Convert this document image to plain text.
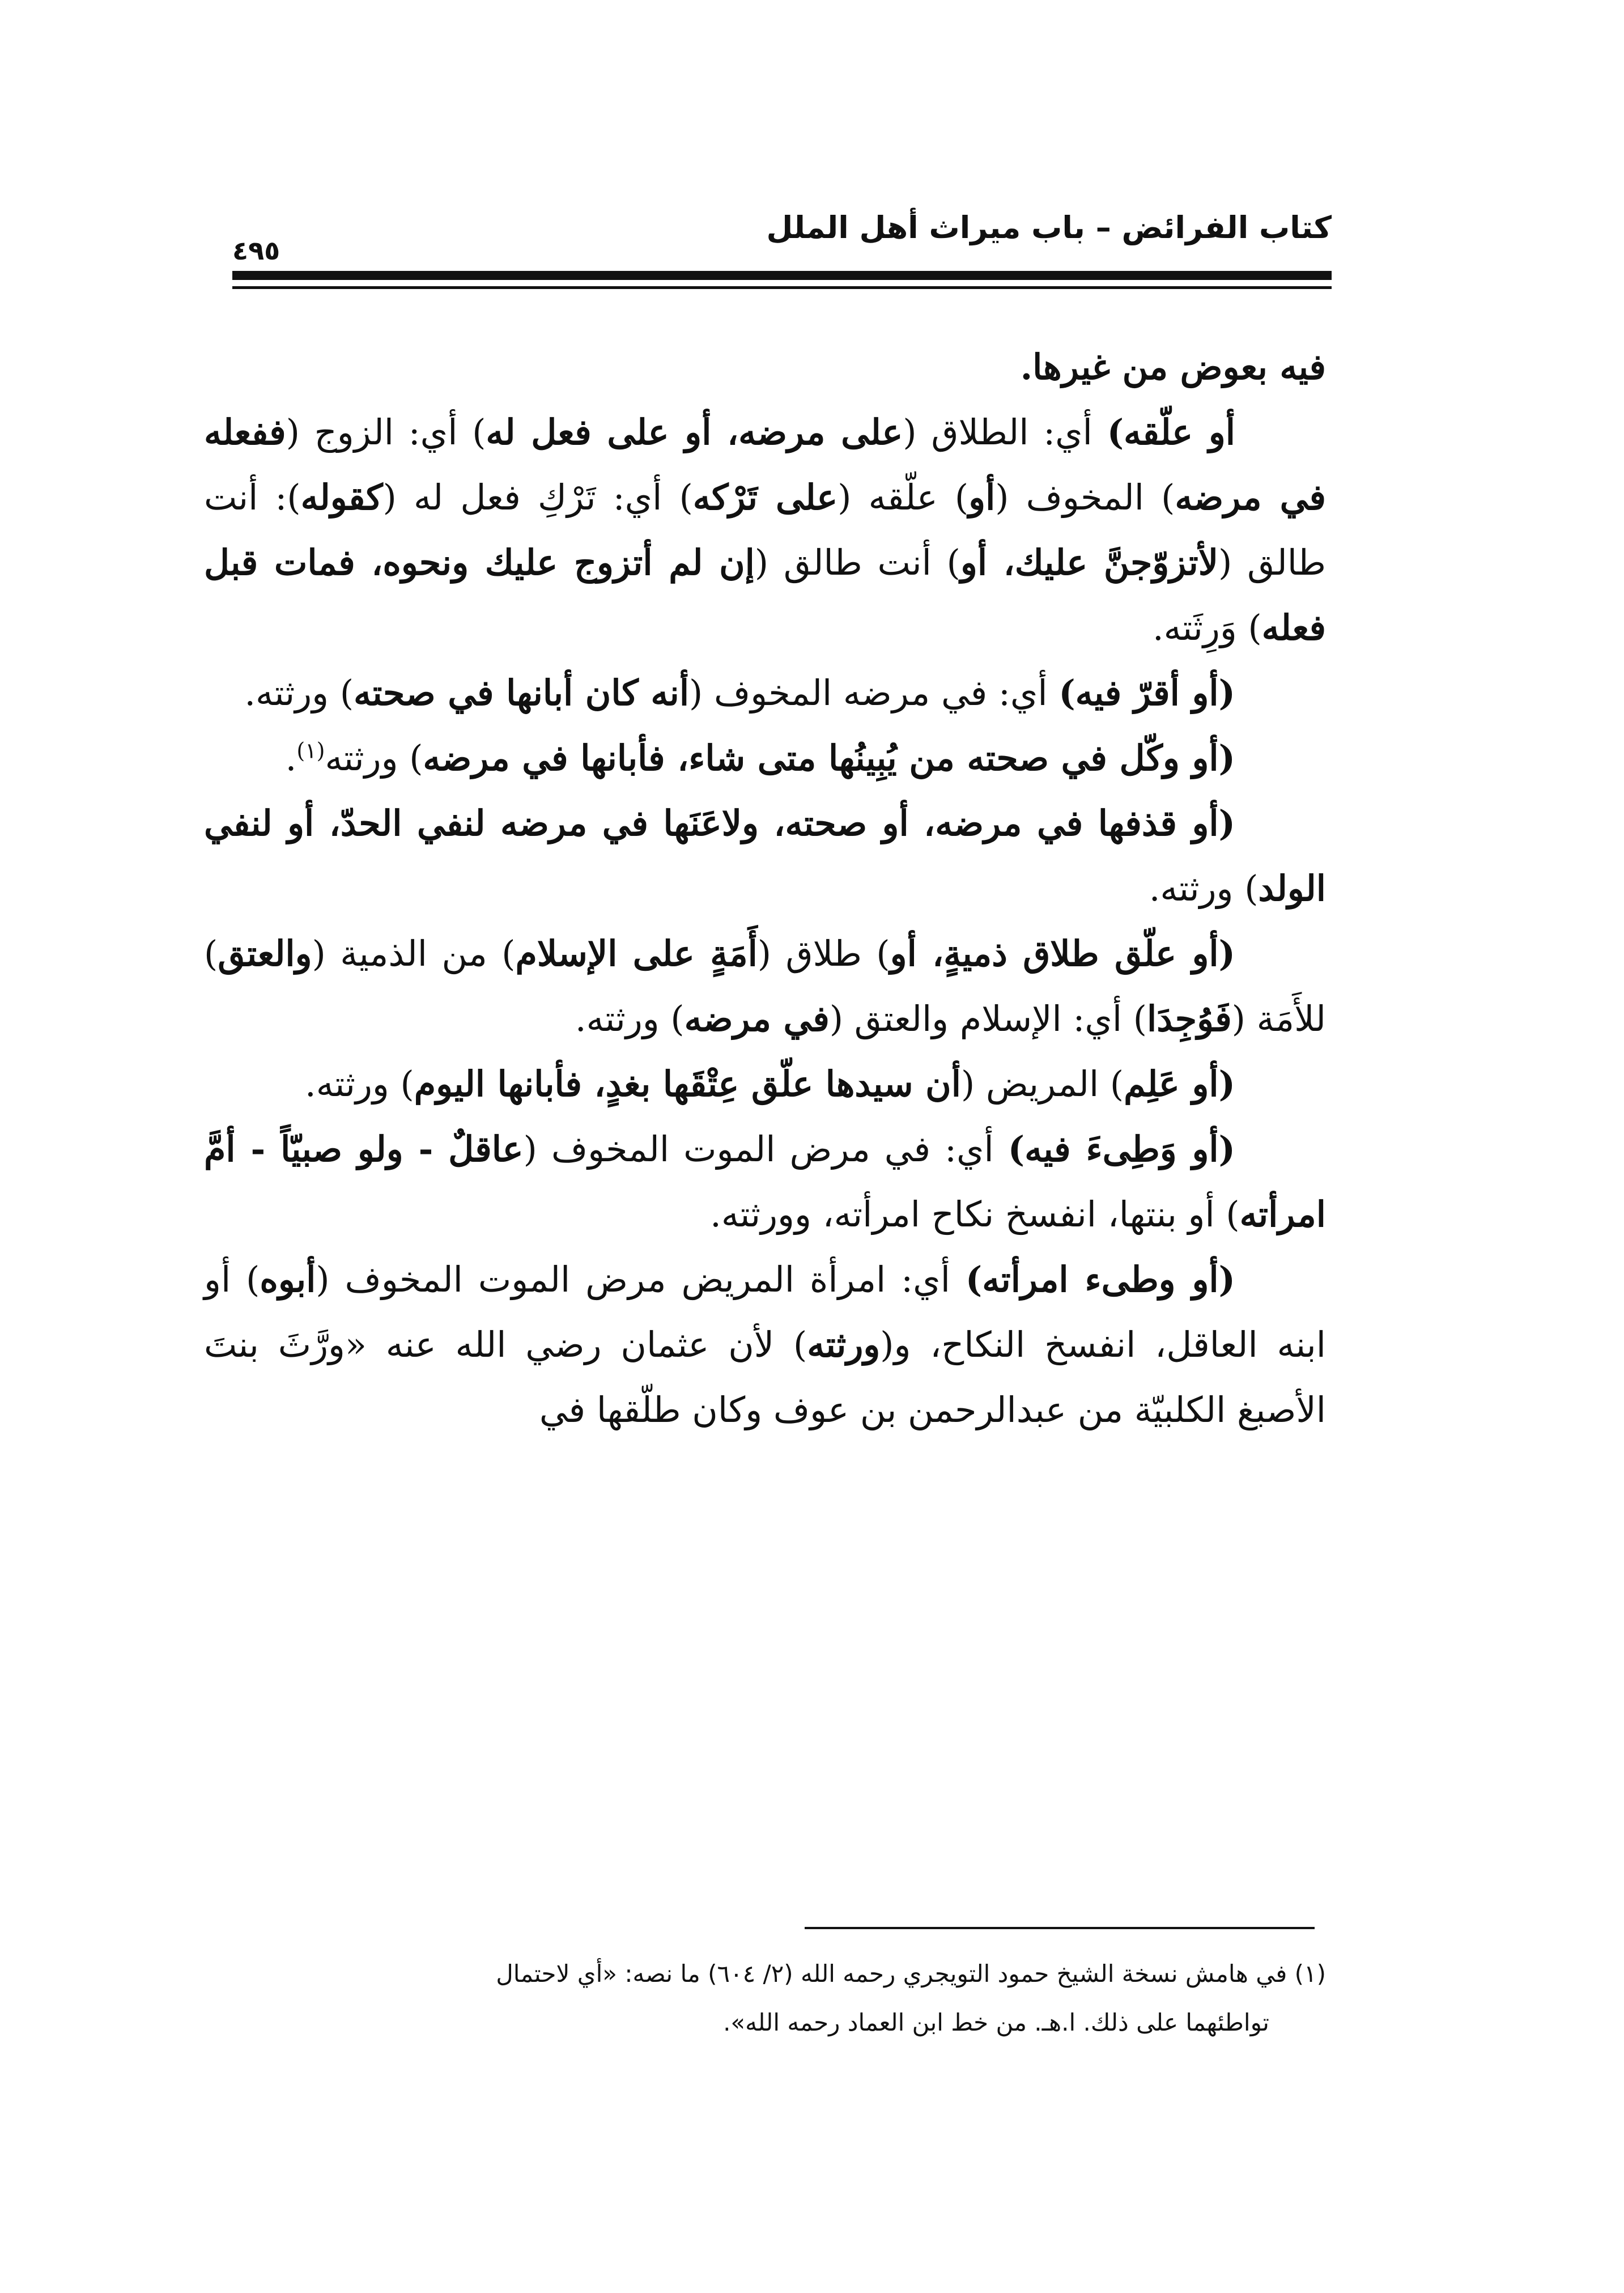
كتاب الفرائض – باب ميراث أهل الملل
٤٩٥

فيه بعوض من غيرها.

أو علّقه) أي: الطلاق (على مرضه، أو على فعل له) أي: الزوج (ففعله في مرضه) المخوف (أو) علّقه (على تَرْكه) أي: تَرْكِ فعل له (كقوله): أنت طالق (لأتزوّجنَّ عليك، أو) أنت طالق (إن لم أتزوج عليك ونحوه، فمات قبل فعله) وَرِثَته.

(أو أقرّ فيه) أي: في مرضه المخوف (أنه كان أبانها في صحته) ورثته.

(أو وكّل في صحته من يُبِينُها متى شاء، فأبانها في مرضه) ورثته$^{(١)}$.

(أو قذفها في مرضه، أو صحته، ولاعَنَها في مرضه لنفي الحدّ، أو لنفي الولد) ورثته.

(أو علّق طلاق ذميةٍ، أو) طلاق (أَمَةٍ على الإسلام) من الذمية (والعتق) للأَمَة (فَوُجِدَا) أي: الإسلام والعتق (في مرضه) ورثته.

(أو عَلِم) المريض (أن سيدها علّق عِتْقَها بغدٍ، فأبانها اليوم) ورثته.

(أو وَطِىءَ فيه) أي: في مرض الموت المخوف (عاقلٌ - ولو صبيّاً - أمَّ امرأته) أو بنتها، انفسخ نكاح امرأته، وورثته.

(أو وطىء امرأته) أي: امرأة المريض مرض الموت المخوف (أبوه) أو ابنه العاقل، انفسخ النكاح، و(ورثته) لأن عثمان رضي الله عنه «ورَّثَ بنتَ الأصبغ الكلبيّة من عبدالرحمن بن عوف وكان طلّقها في

(١) في هامش نسخة الشيخ حمود التويجري رحمه الله (٢/ ٦٠٤) ما نصه: «أي لاحتمال

تواطئهما على ذلك. ا.هـ. من خط ابن العماد رحمه الله».
